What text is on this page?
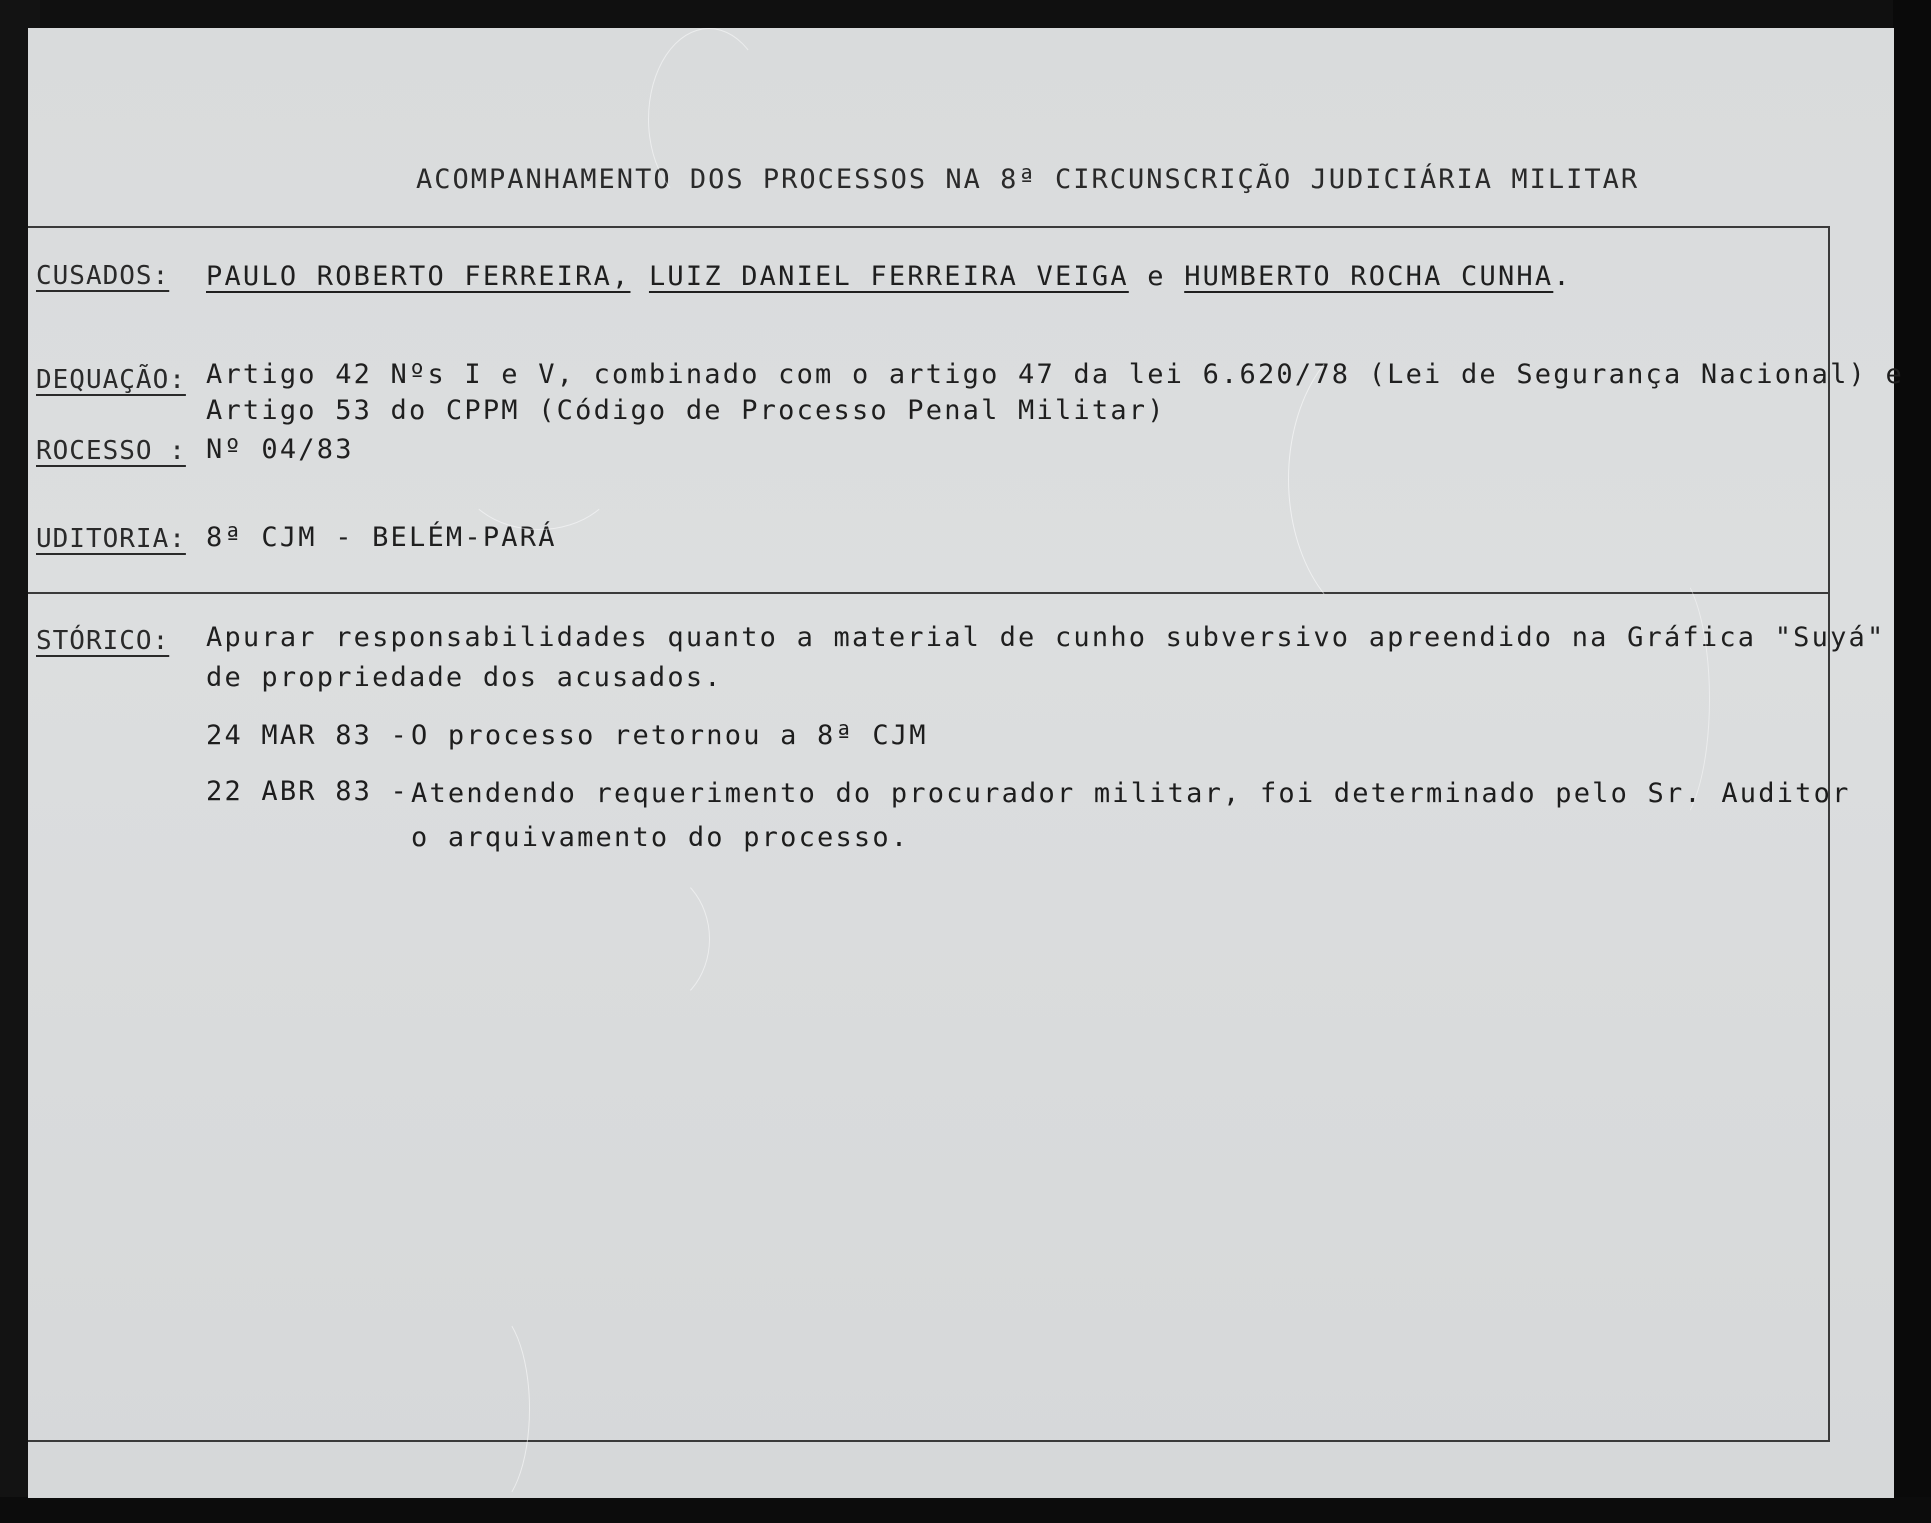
ACOMPANHAMENTO DOS PROCESSOS NA 8ª CIRCUNSCRIÇÃO JUDICIÁRIA MILITAR
CUSADOS: PAULO ROBERTO FERREIRA, LUIZ DANIEL FERREIRA VEIGA e HUMBERTO ROCHA CUNHA.
DEQUAÇÃO: Artigo 42 Nºs I e V, combinado com o artigo 47 da lei 6.620/78 (Lei de Segurança Nacional) e
Artigo 53 do CPPM (Código de Processo Penal Militar)
ROCESSO : Nº 04/83
UDITORIA: 8ª CJM - BELÉM-PARÁ
STÓRICO: Apurar responsabilidades quanto a material de cunho subversivo apreendido na Gráfica "Suyá"
de propriedade dos acusados.
24 MAR 83 - O processo retornou a 8ª CJM
22 ABR 83 - Atendendo requerimento do procurador militar, foi determinado pelo Sr. Auditor
o arquivamento do processo.
